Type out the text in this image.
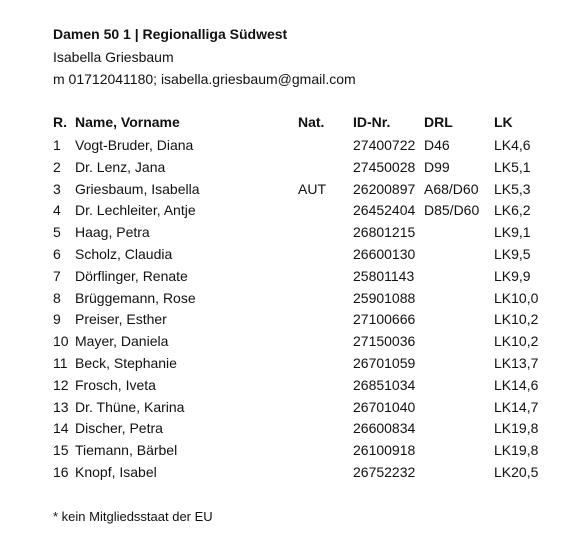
Damen 50 1 | Regionalliga Südwest
Isabella Griesbaum
m 01712041180; isabella.griesbaum@gmail.com
R. Name, Vorname	Nat. ID-Nr. DRL	LK
1	Vogt-Bruder, Diana	27400722 D46	LK4,6
2	Dr. Lenz, Jana	27450028 D99	LK5,1
3	Griesbaum, Isabella	AUT 26200897 A68/D60 LK5,3
4	Dr. Lechleiter, Antje	26452404 D85/D60 LK6,2
5	Haag, Petra	26801215	LK9,1
6	Scholz, Claudia	26600130	LK9,5
7	Dörflinger, Renate	25801143	LK9,9
8	Brüggemann, Rose	25901088	LK10,0
9	Preiser, Esther	27100666	LK10,2
10 Mayer, Daniela	27150036	LK10,2
11 Beck, Stephanie	26701059	LK13,7
12 Frosch, Iveta	26851034	LK14,6
13 Dr. Thüne, Karina	26701040	LK14,7
14 Discher, Petra	26600834	LK19,8
15 Tiemann, Bärbel	26100918	LK19,8
16 Knopf, Isabel	26752232	LK20,5
* kein Mitgliedsstaat der EU
